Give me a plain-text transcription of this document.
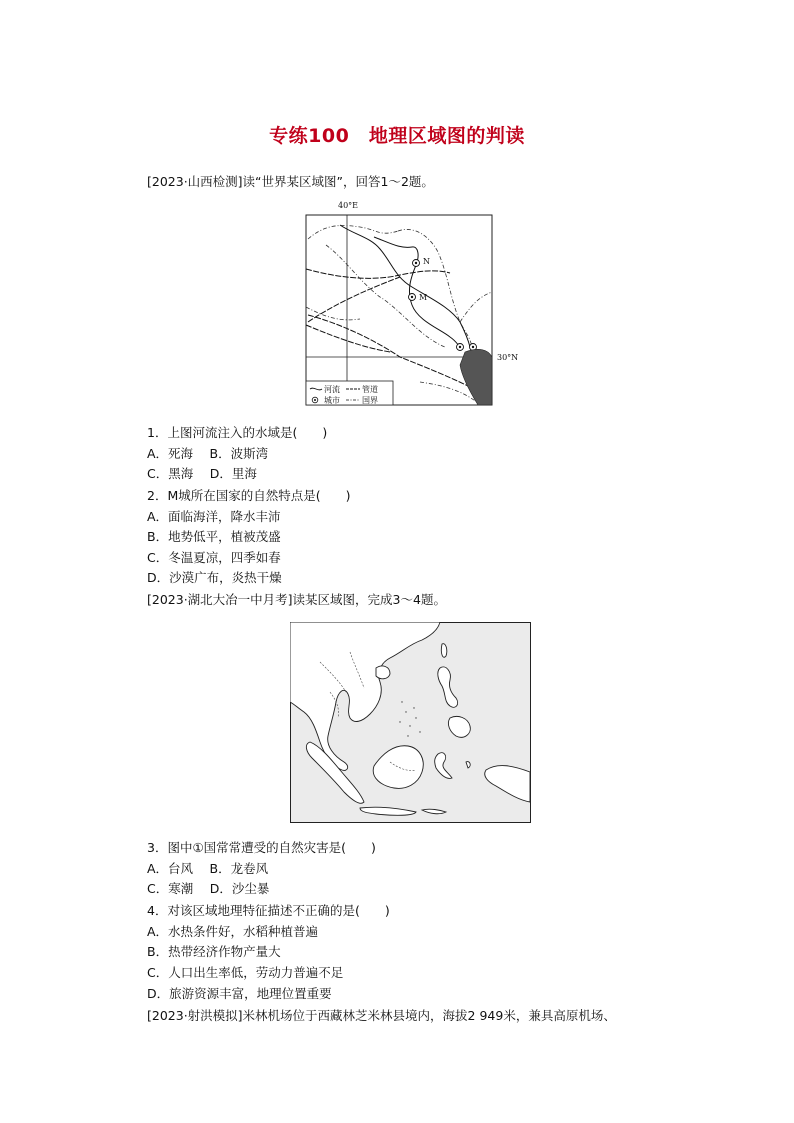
专练100　地理区域图的判读
[2023·山西检测]读“世界某区域图”，回答1～2题。
40°E
30°N
N
M
河流	管道
城市	国界
1．上图河流注入的水域是(　　)
A．死海　 B．波斯湾
C．黑海　 D．里海
2．M城所在国家的自然特点是(　　)
A．面临海洋，降水丰沛
B．地势低平，植被茂盛
C．冬温夏凉，四季如春
D．沙漠广布，炎热干燥
[2023·湖北大冶一中月考]读某区域图，完成3～4题。
3．图中①国常常遭受的自然灾害是(　　)
A．台风　 B．龙卷风
C．寒潮　 D．沙尘暴
4．对该区域地理特征描述不正确的是(　　)
A．水热条件好，水稻种植普遍
B．热带经济作物产量大
C．人口出生率低，劳动力普遍不足
D．旅游资源丰富，地理位置重要
[2023·射洪模拟]米林机场位于西藏林芝米林县境内，海拔2 949米，兼具高原机场、
